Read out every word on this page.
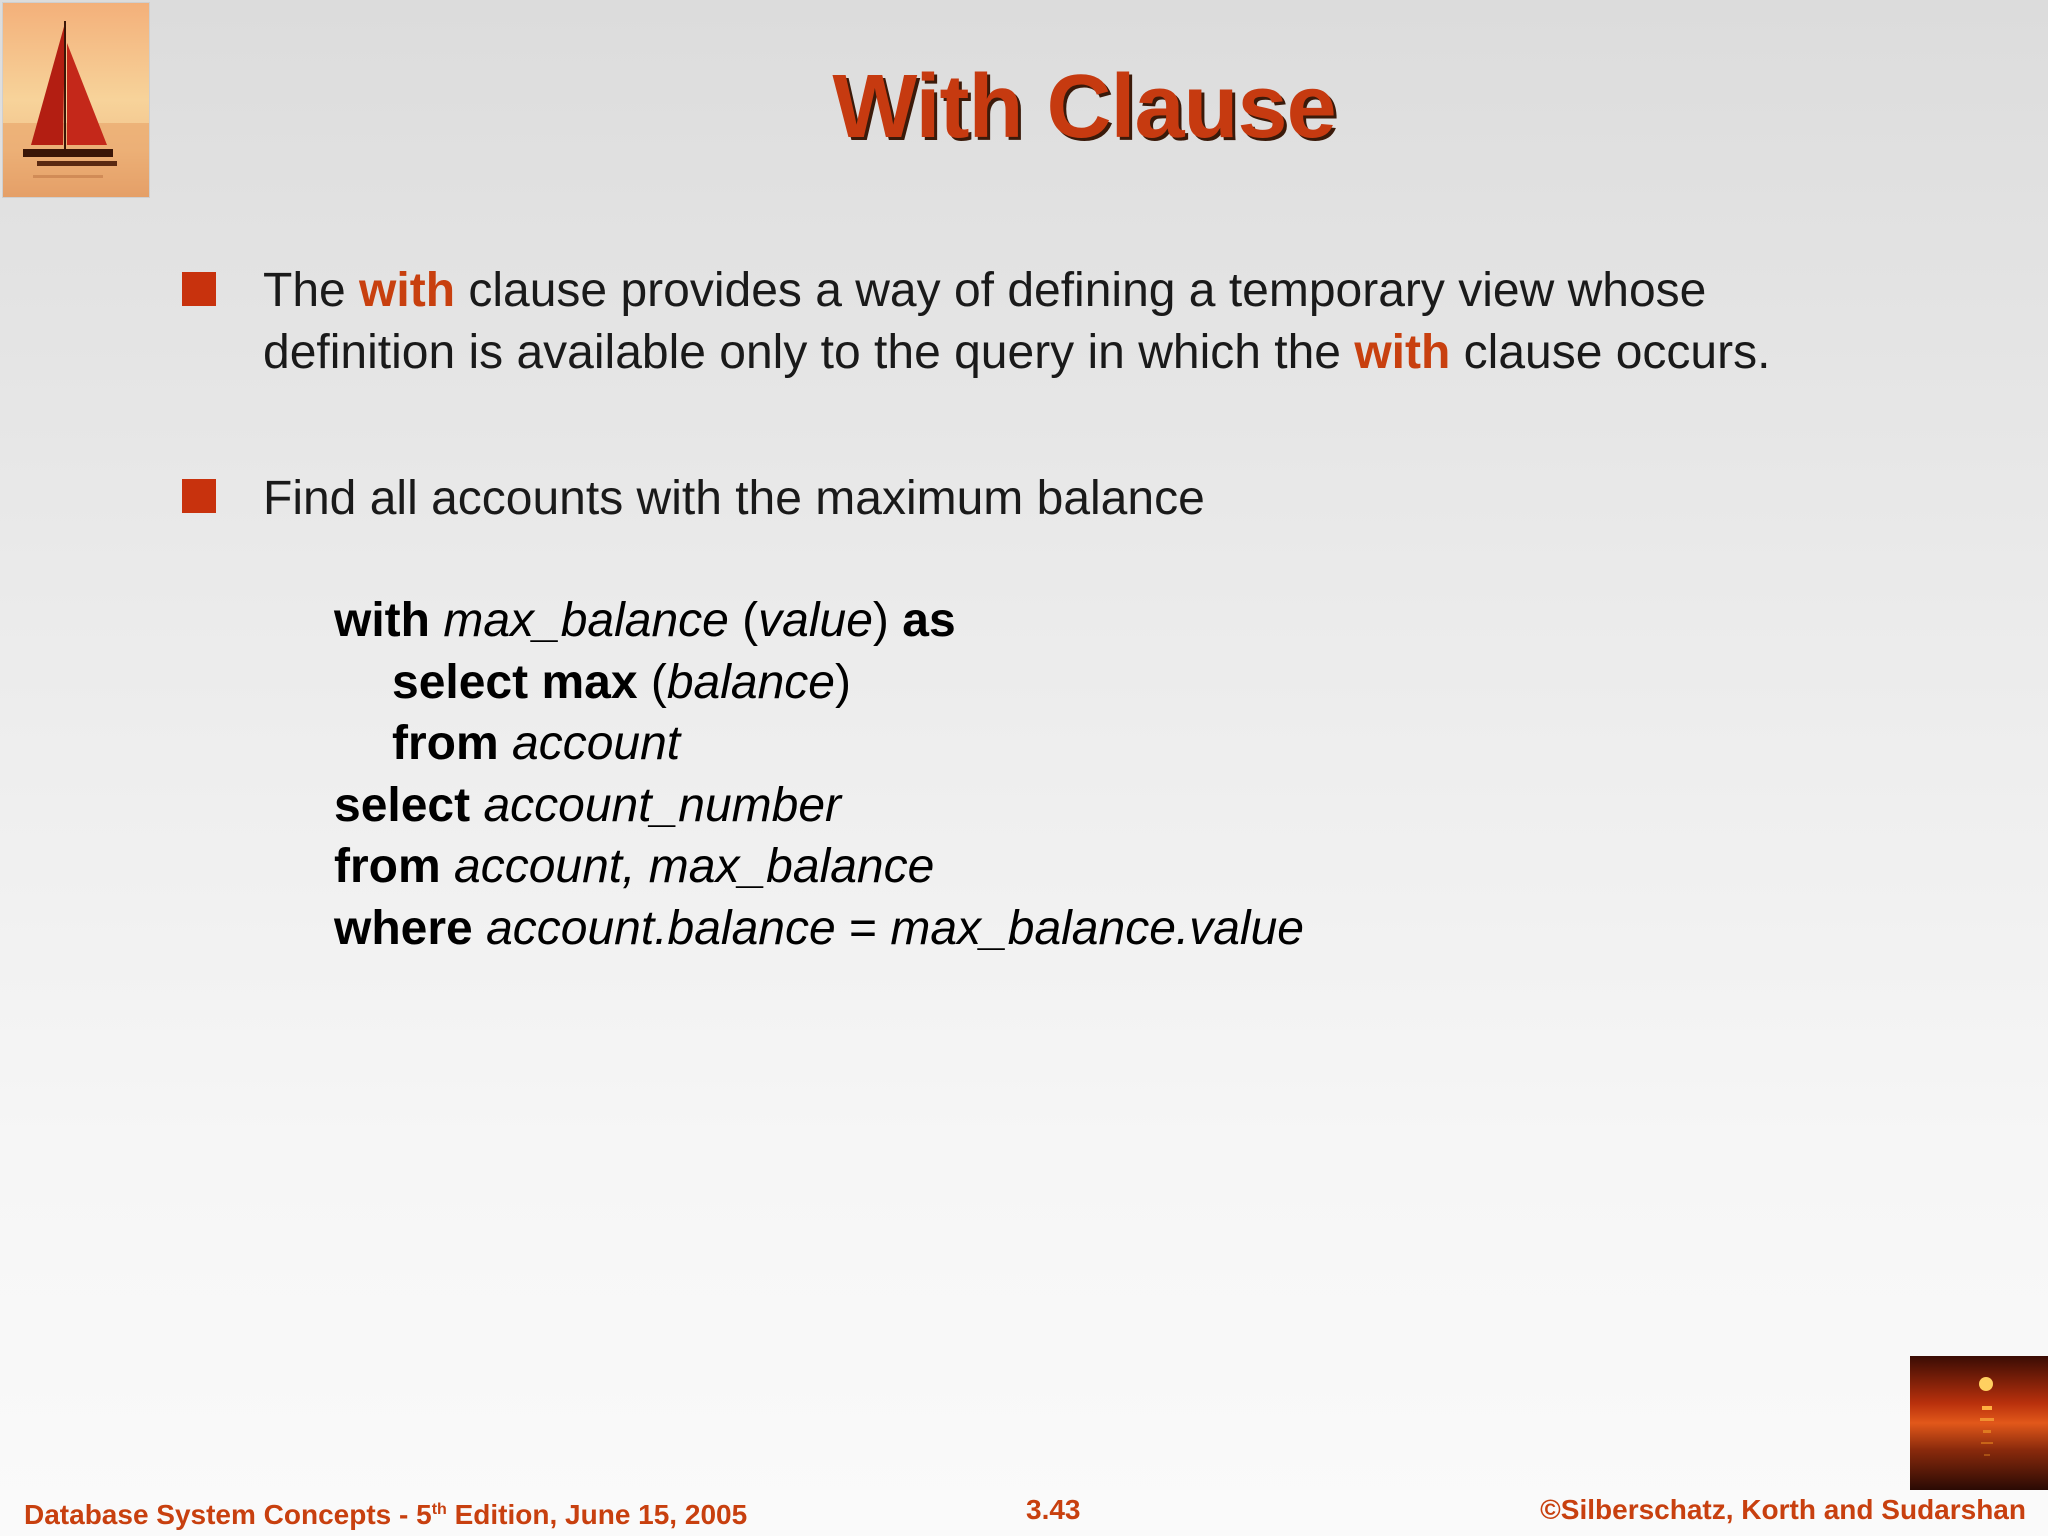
With Clause

The with clause provides a way of defining a temporary view whose definition is available only to the query in which the with clause occurs.

Find all accounts with the maximum balance

with max_balance (value) as
select max (balance)
from account
select account_number
from account, max_balance
where account.balance = max_balance.value
Database System Concepts - 5th Edition, June 15, 2005	3.43	©Silberschatz, Korth and Sudarshan
